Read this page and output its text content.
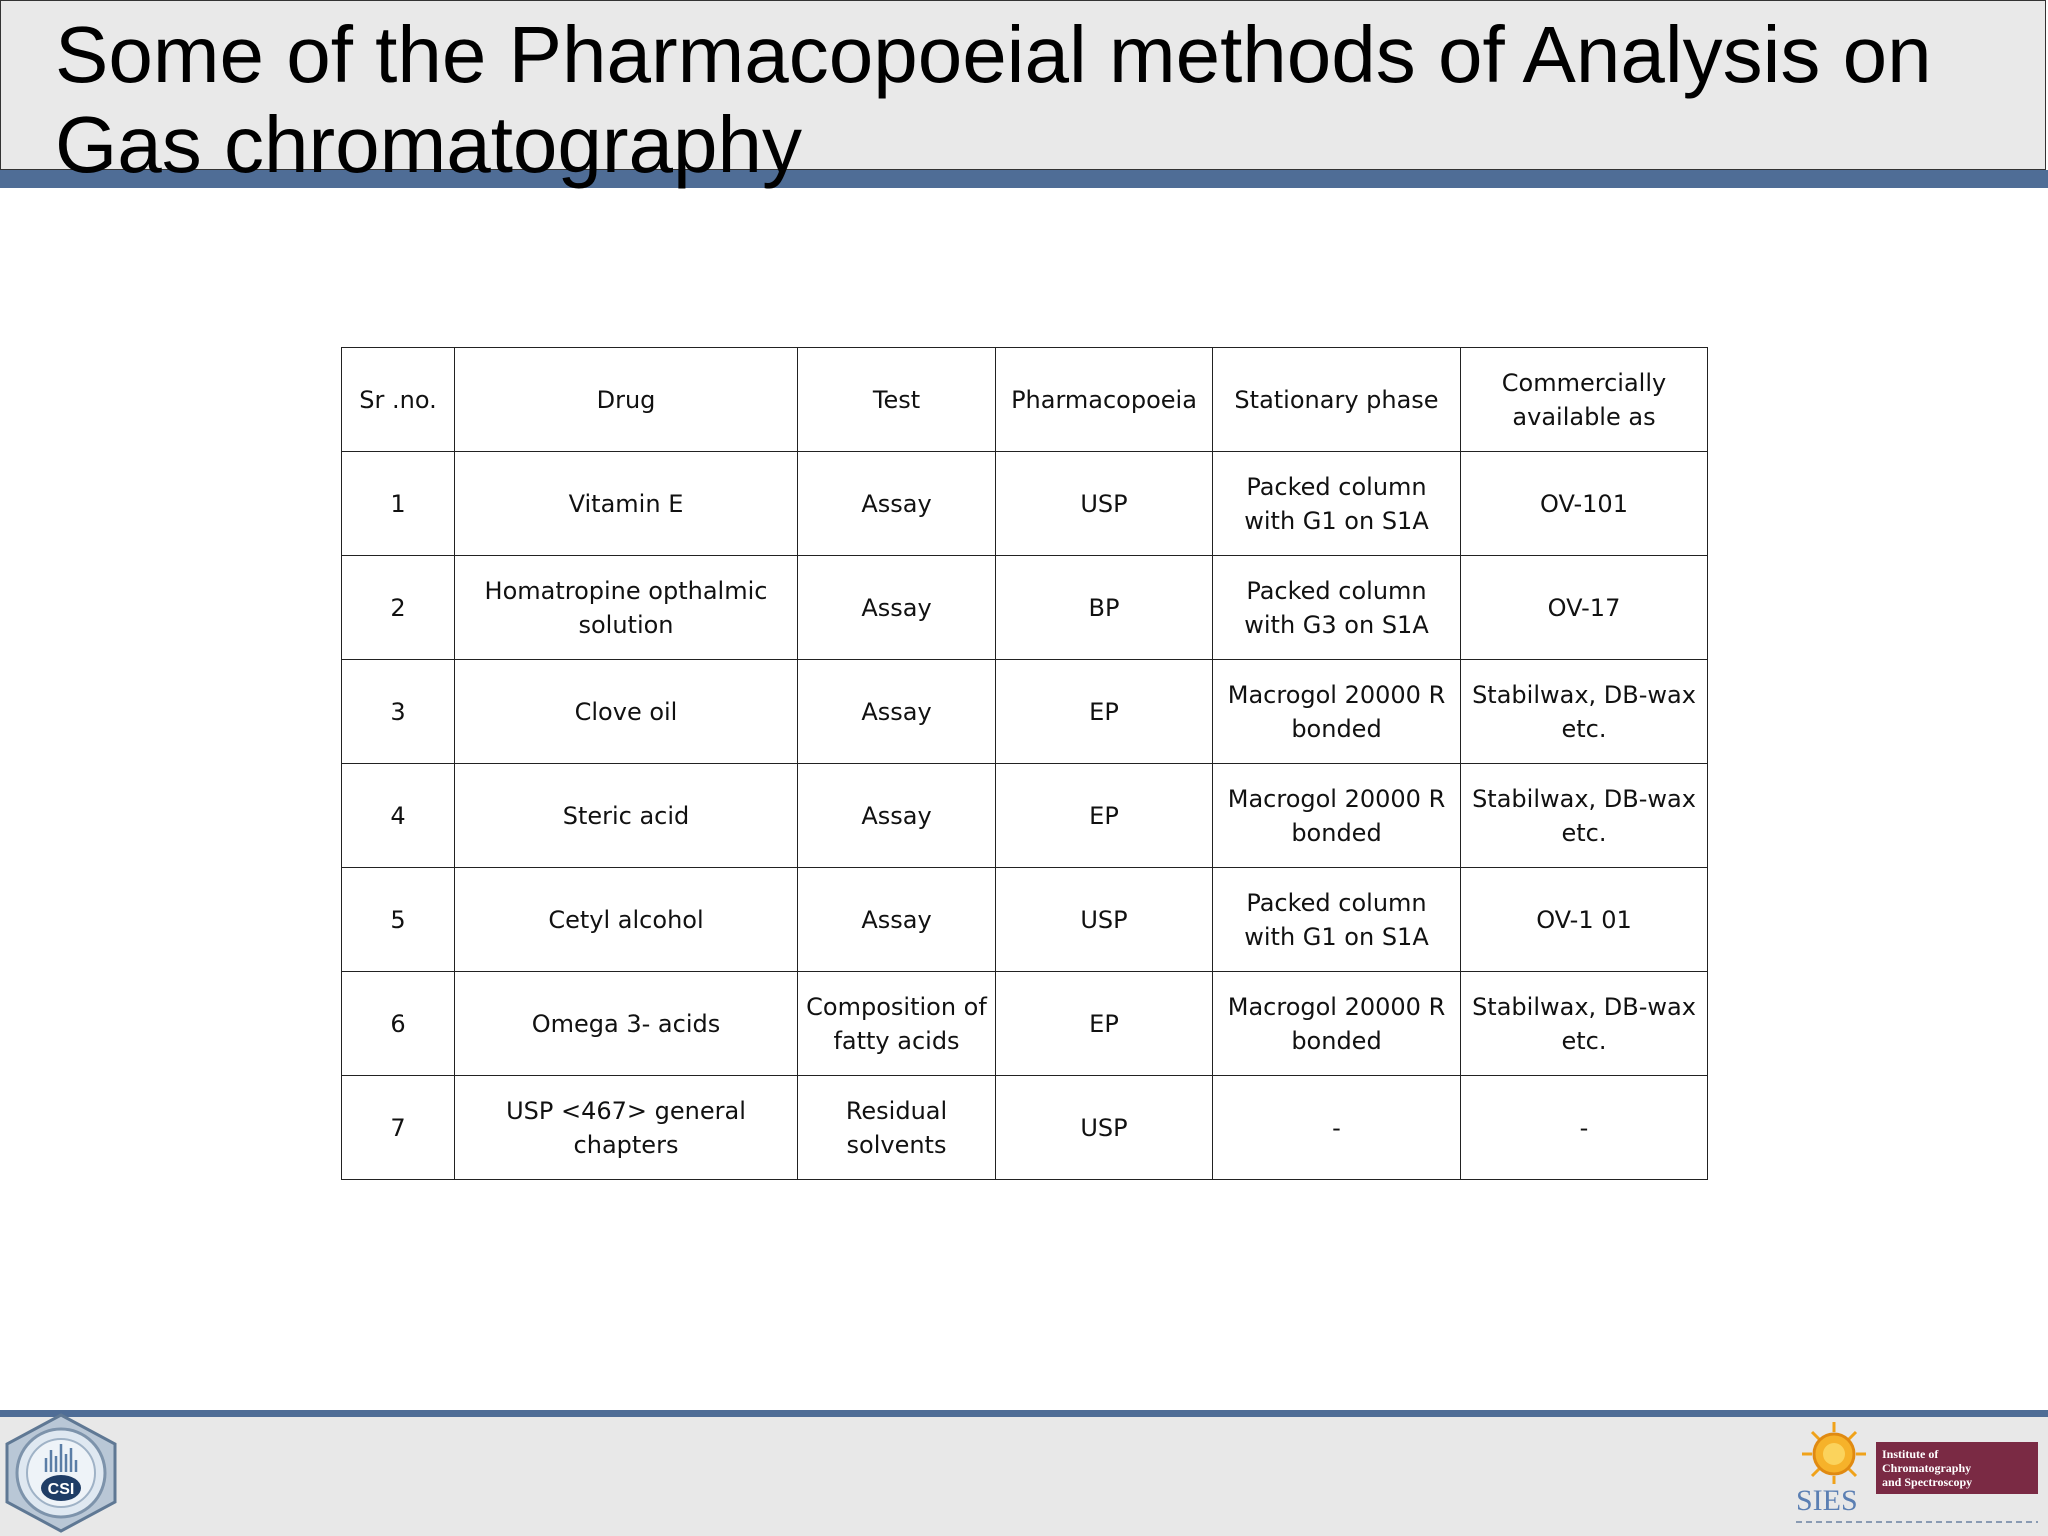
Some of the Pharmacopoeial methods of Analysis on Gas chromatography
Sr .no.	Drug	Test	Pharmacopoeia	Stationary phase	Commercially available as
1	Vitamin E	Assay	USP	Packed column with G1 on S1A	OV-101
2	Homatropine opthalmic solution	Assay	BP	Packed column with G3 on S1A	OV-17
3	Clove oil	Assay	EP	Macrogol 20000 R bonded	Stabilwax, DB-wax etc.
4	Steric acid	Assay	EP	Macrogol 20000 R bonded	Stabilwax, DB-wax etc.
5	Cetyl alcohol	Assay	USP	Packed column with G1 on S1A	OV-1 01
6	Omega 3- acids	Composition of fatty acids	EP	Macrogol 20000 R bonded	Stabilwax, DB-wax etc.
7	USP <467> general chapters	Residual solvents	USP	-	-
CSI	SIES
Institute of
Chromatography
and Spectroscopy
